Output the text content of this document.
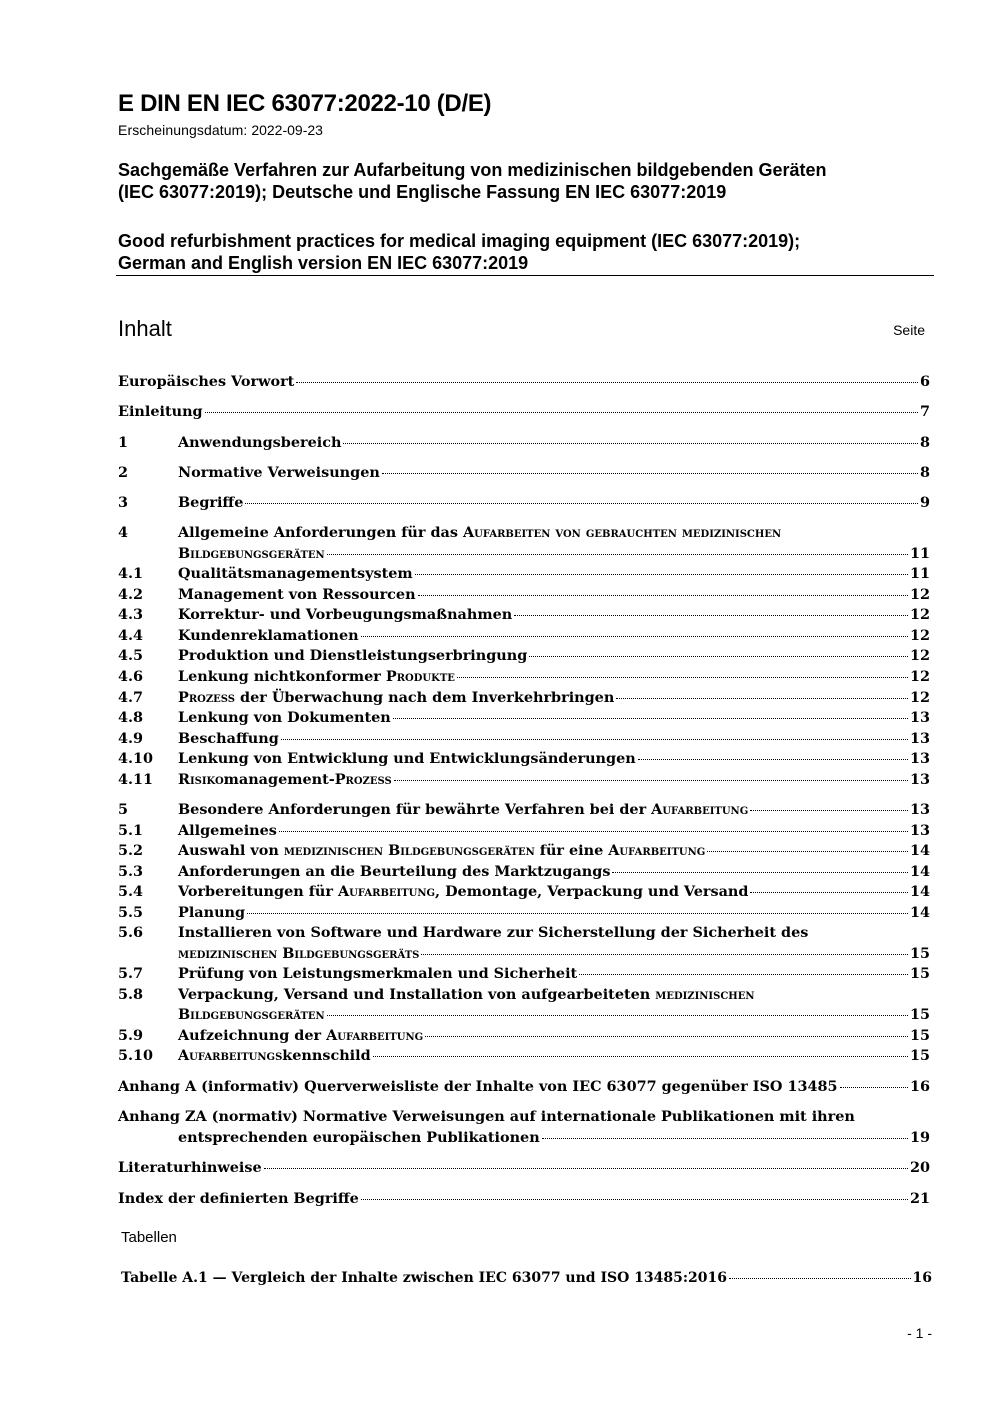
E DIN EN IEC 63077:2022-10 (D/E)
Erscheinungsdatum: 2022-09-23
Sachgemäße Verfahren zur Aufarbeitung von medizinischen bildgebenden Geräten
(IEC 63077:2019); Deutsche und Englische Fassung EN IEC 63077:2019
Good refurbishment practices for medical imaging equipment (IEC 63077:2019);
German and English version EN IEC 63077:2019
Inhalt	Seite
Europäisches Vorwort	6
Einleitung	7
1	Anwendungsbereich	8
2	Normative Verweisungen	8
3	Begriffe	9
4	Allgemeine Anforderungen für das Aufarbeiten von gebrauchten medizinischen
Bildgebungsgeräten	11
4.1	Qualitätsmanagementsystem	11
4.2	Management von Ressourcen	12
4.3	Korrektur- und Vorbeugungsmaßnahmen	12
4.4	Kundenreklamationen	12
4.5	Produktion und Dienstleistungserbringung	12
4.6	Lenkung nichtkonformer Produkte	12
4.7	Prozess der Überwachung nach dem Inverkehrbringen	12
4.8	Lenkung von Dokumenten	13
4.9	Beschaffung	13
4.10	Lenkung von Entwicklung und Entwicklungsänderungen	13
4.11	Risikomanagement-Prozess	13
5	Besondere Anforderungen für bewährte Verfahren bei der Aufarbeitung	13
5.1	Allgemeines	13
5.2	Auswahl von medizinischen Bildgebungsgeräten für eine Aufarbeitung	14
5.3	Anforderungen an die Beurteilung des Marktzugangs	14
5.4	Vorbereitungen für Aufarbeitung, Demontage, Verpackung und Versand	14
5.5	Planung	14
5.6	Installieren von Software und Hardware zur Sicherstellung der Sicherheit des
medizinischen Bildgebungsgeräts	15
5.7	Prüfung von Leistungsmerkmalen und Sicherheit	15
5.8	Verpackung, Versand und Installation von aufgearbeiteten medizinischen
Bildgebungsgeräten	15
5.9	Aufzeichnung der Aufarbeitung	15
5.10	Aufarbeitungskennschild	15
Anhang A (informativ) Querverweisliste der Inhalte von IEC 63077 gegenüber ISO 13485	16
Anhang ZA (normativ) Normative Verweisungen auf internationale Publikationen mit ihren
entsprechenden europäischen Publikationen	19
Literaturhinweise	20
Index der definierten Begriffe	21
Tabellen
Tabelle A.1 — Vergleich der Inhalte zwischen IEC 63077 und ISO 13485:2016	16
- 1 -
